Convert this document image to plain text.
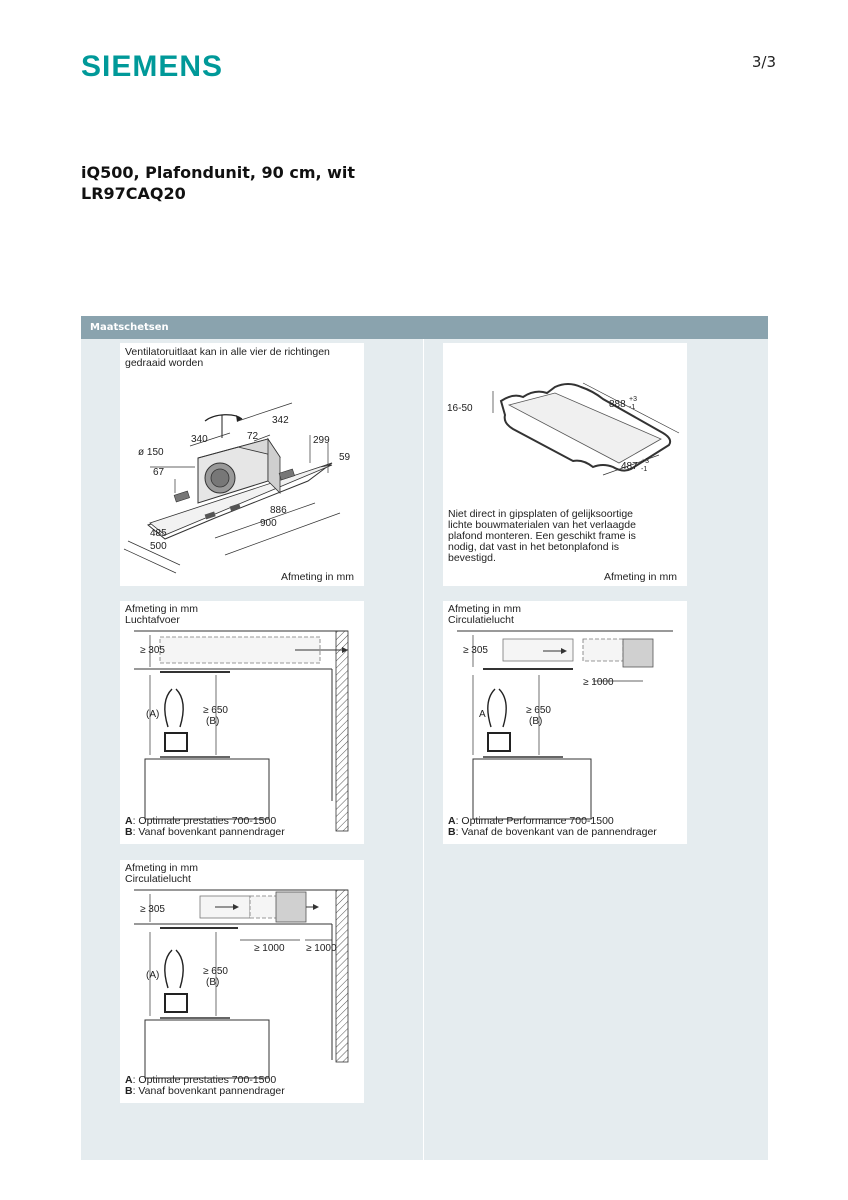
SIEMENS	3/3
iQ500, Plafondunit, 90 cm, wit
LR97CAQ20
Maatschetsen
Ventilatoruitlaat kan in alle vier de richtingen
gedraaid worden
342
72
340	299
59
ø 150
67
886
900
485
500
Afmeting in mm
16-50	888 +3
-1
487 +3
-1
Niet direct in gipsplaten of gelijksoortige
lichte bouwmaterialen van het verlaagde
plafond monteren. Een geschikt frame is
nodig, dat vast in het betonplafond is
bevestigd.
Afmeting in mm
Afmeting in mm
Luchtafvoer
≥ 305
(A)	≥ 650
(B)
A: Optimale prestaties 700-1500
B: Vanaf bovenkant pannendrager
Afmeting in mm
Circulatielucht
≥ 305
≥ 1000
A	≥ 650
(B)
A: Optimale Performance 700-1500
B: Vanaf de bovenkant van de pannendrager
Afmeting in mm
Circulatielucht
≥ 305
≥ 1000 ≥ 1000
(A)	≥ 650
(B)
A: Optimale prestaties 700-1500
B: Vanaf bovenkant pannendrager
